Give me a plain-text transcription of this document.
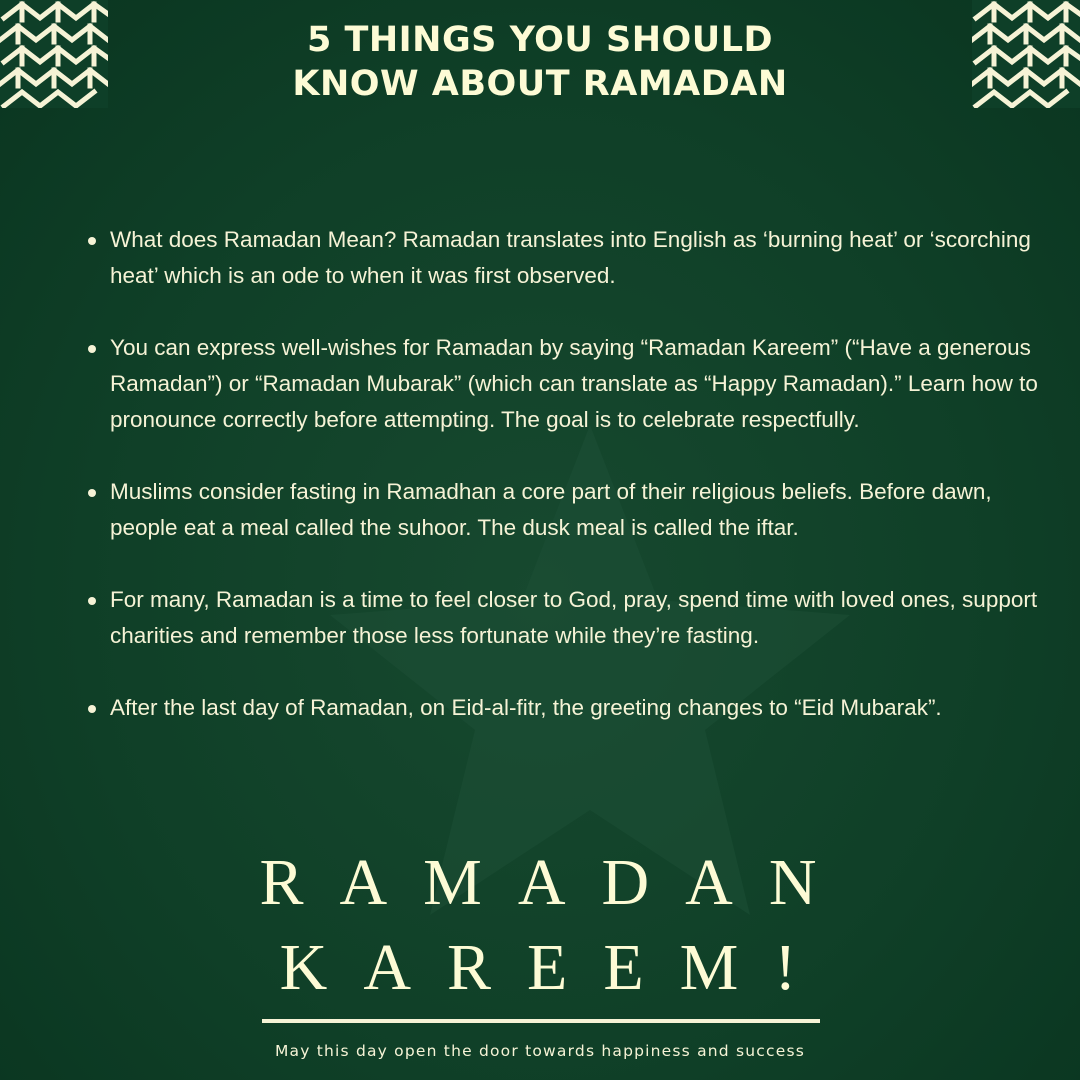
5 THINGS YOU SHOULD
KNOW ABOUT RAMADAN
What does Ramadan Mean? Ramadan translates into English as ‘burning heat’ or ‘scorching heat’ which is an ode to when it was first observed.
You can express well-wishes for Ramadan by saying “Ramadan Kareem” (“Have a generous Ramadan”) or “Ramadan Mubarak” (which can translate as “Happy Ramadan).” Learn how to pronounce correctly before attempting. The goal is to celebrate respectfully.
Muslims consider fasting in Ramadhan a core part of their religious beliefs. Before dawn, people eat a meal called the suhoor. The dusk meal is called the iftar.
For many, Ramadan is a time to feel closer to God, pray, spend time with loved ones, support charities and remember those less fortunate while they’re fasting.
After the last day of Ramadan, on Eid-al-fitr, the greeting changes to “Eid Mubarak”.
RAMADAN
KAREEM!
May this day open the door towards happiness and success
